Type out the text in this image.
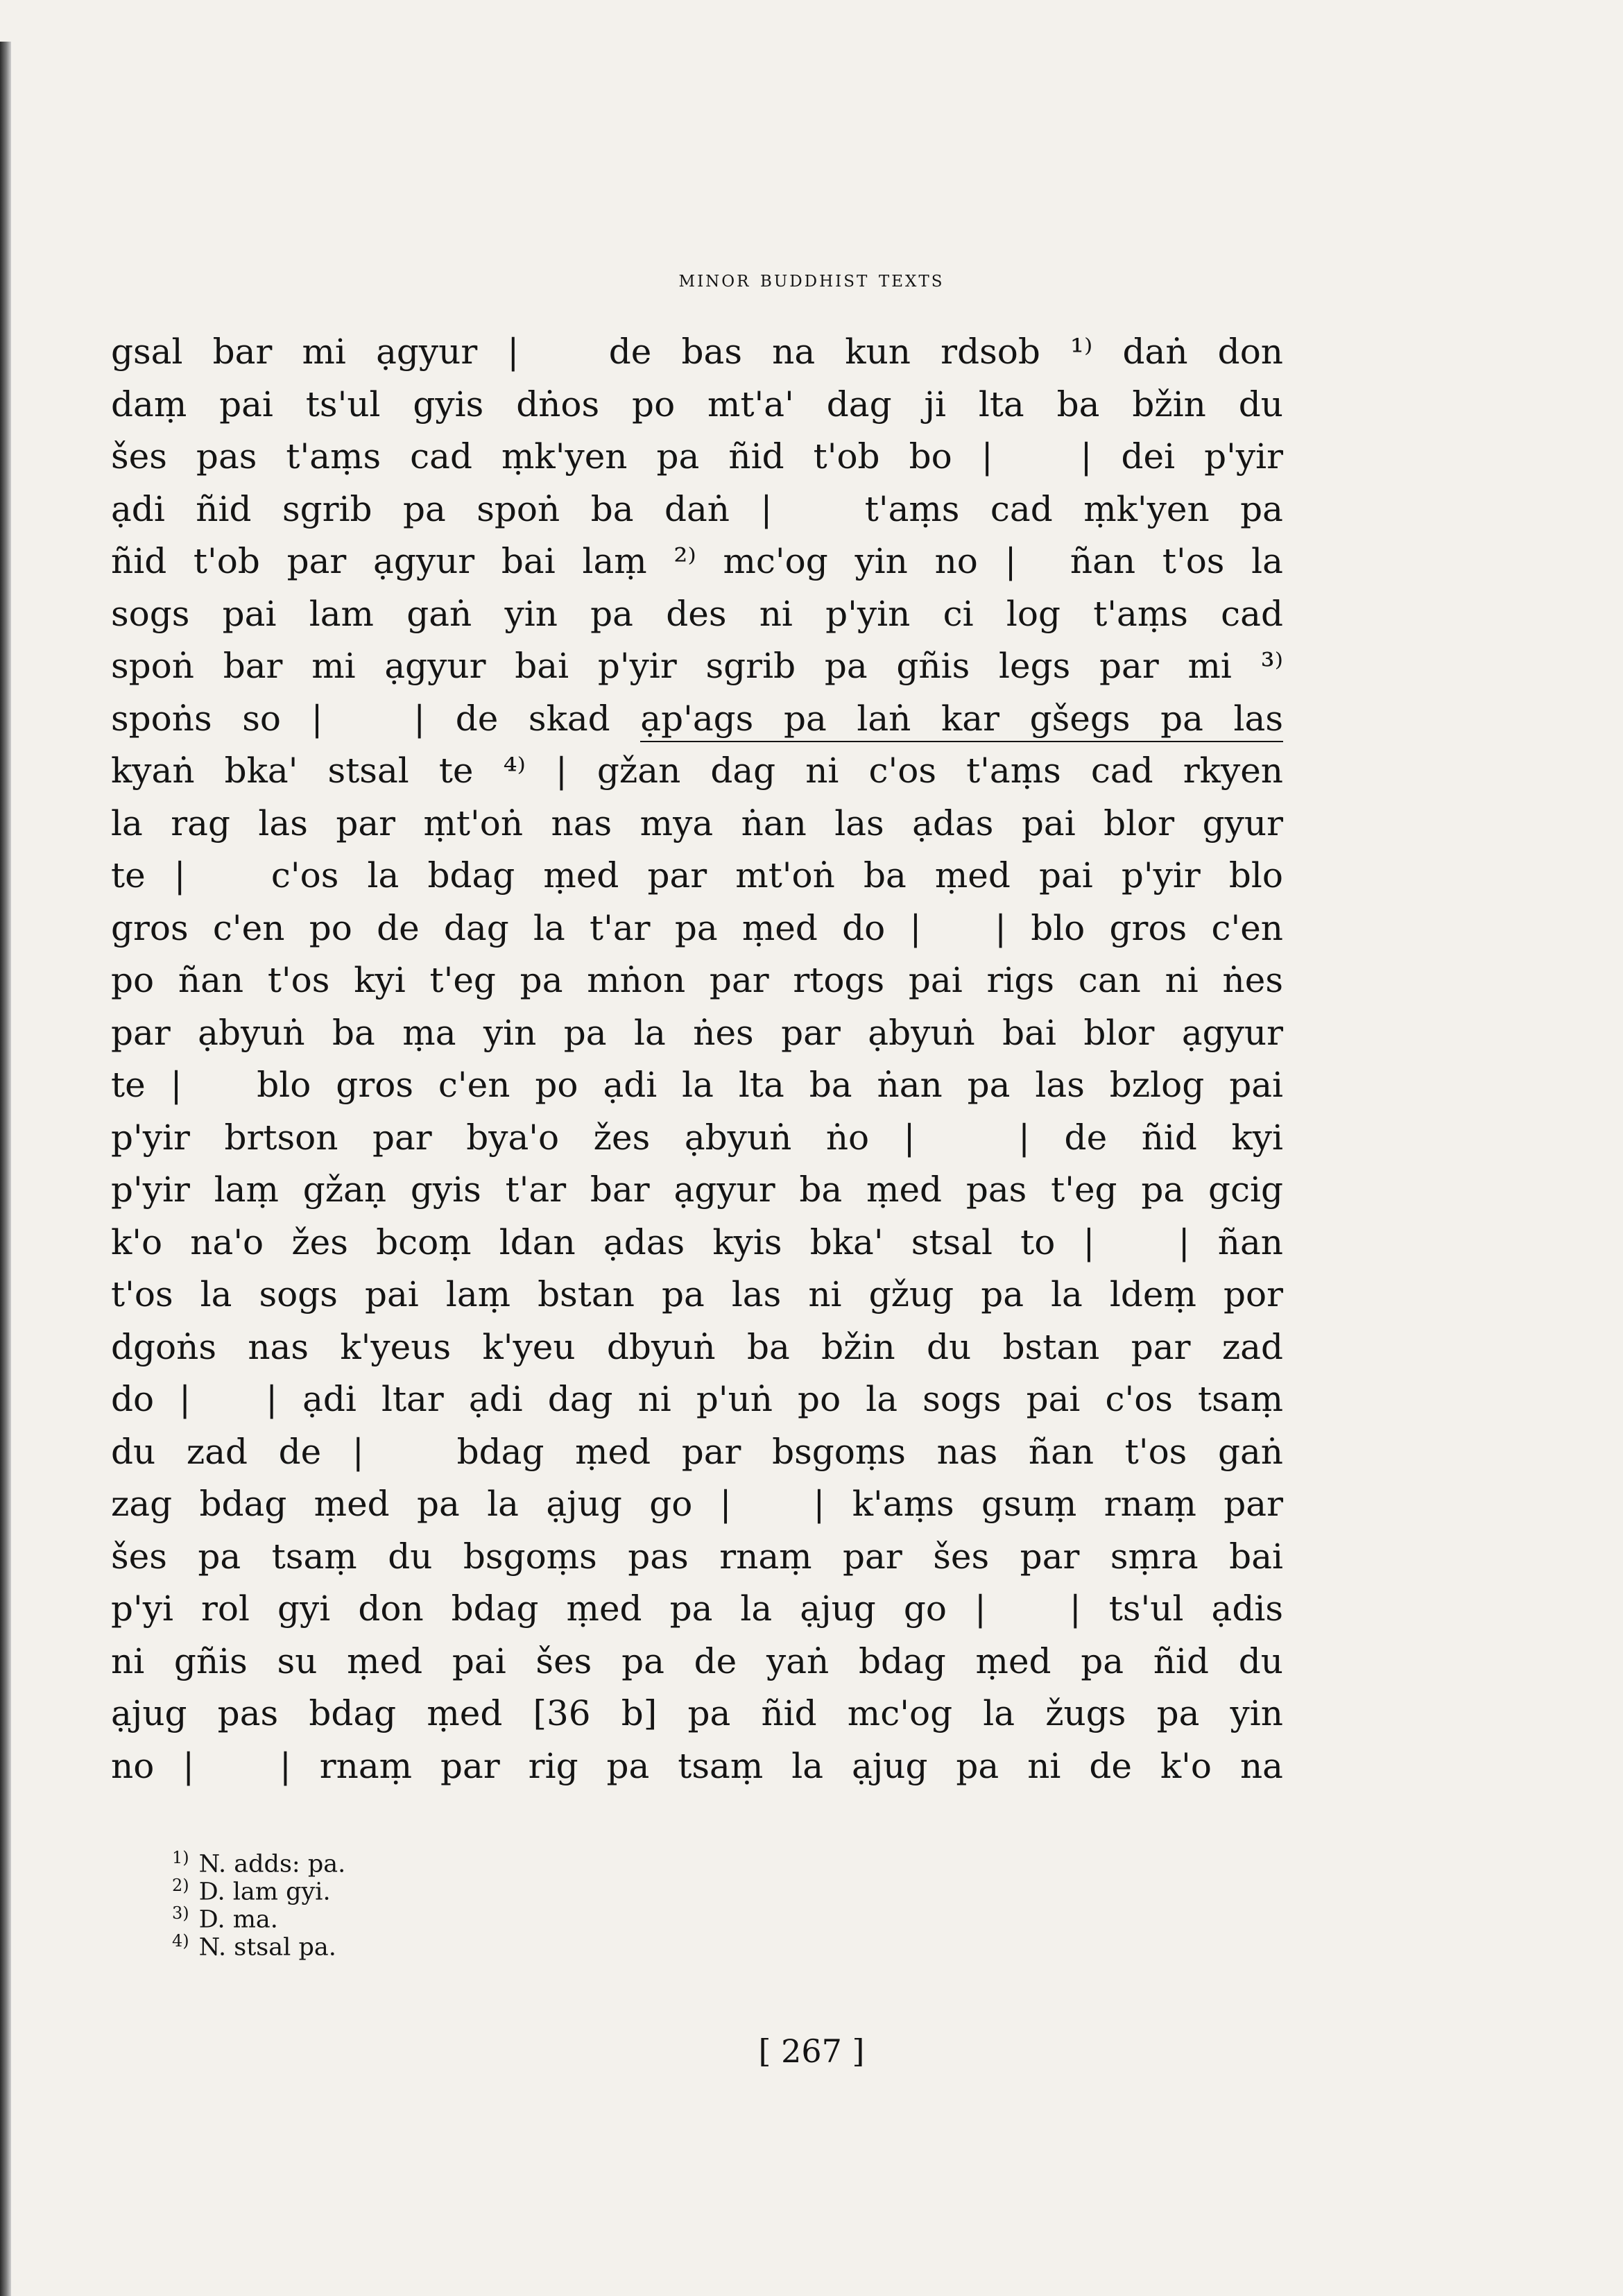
minor buddhist texts
gsal bar mi ạgyur |   de bas na kun rdsob ¹⁾ daṅ don
daṃ pai ts'ul gyis dṅos po mt'a' dag ji lta ba bžin du
šes pas t'aṃs cad ṃk'yen pa ñid t'ob bo |   | dei p'yir
ạdi ñid sgrib pa spoṅ ba daṅ |   t'aṃs cad ṃk'yen pa
ñid t'ob par ạgyur bai laṃ ²⁾ mc'og yin no |  ñan t'os la
sogs pai lam gaṅ yin pa des ni p'yin ci log t'aṃs cad
spoṅ bar mi ạgyur bai p'yir sgrib pa gñis legs par mi ³⁾
spoṅs so |   | de skad ạp'ags pa laṅ kar gšegs pa las
kyaṅ bka' stsal te ⁴⁾ | gžan dag ni c'os t'aṃs cad rkyen
la rag las par ṃt'oṅ nas mya ṅan las ạdas pai blor gyur
te |   c'os la bdag ṃed par mt'oṅ ba ṃed pai p'yir blo
gros c'en po de dag la t'ar pa ṃed do |   | blo gros c'en
po ñan t'os kyi t'eg pa mṅon par rtogs pai rigs can ni ṅes
par ạbyuṅ ba ṃa yin pa la ṅes par ạbyuṅ bai blor ạgyur
te |   blo gros c'en po ạdi la lta ba ṅan pa las bzlog pai
p'yir brtson par bya'o žes ạbyuṅ ṅo |   | de ñid kyi
p'yir laṃ gžaṇ gyis t'ar bar ạgyur ba ṃed pas t'eg pa gcig
k'o na'o žes bcoṃ ldan ạdas kyis bka' stsal to |   | ñan
t'os la sogs pai laṃ bstan pa las ni gžug pa la ldeṃ por
dgoṅs nas k'yeus k'yeu dbyuṅ ba bžin du bstan par zad
do |   | ạdi ltar ạdi dag ni p'uṅ po la sogs pai c'os tsaṃ
du zad de |   bdag ṃed par bsgoṃs nas ñan t'os gaṅ
zag bdag ṃed pa la ạjug go |   | k'aṃs gsuṃ rnaṃ par
šes pa tsaṃ du bsgoṃs pas rnaṃ par šes par sṃra bai
p'yi rol gyi don bdag ṃed pa la ạjug go |   | ts'ul ạdis
ni gñis su ṃed pai šes pa de yaṅ bdag ṃed pa ñid du
ạjug pas bdag ṃed [36 b] pa ñid mc'og la žugs pa yin
no |   | rnaṃ par rig pa tsaṃ la ạjug pa ni de k'o na
$^{1)}$ N. adds: pa.
$^{2)}$ D. lam gyi.
$^{3)}$ D. ma.
$^{4)}$ N. stsal pa.
[ 267 ]
